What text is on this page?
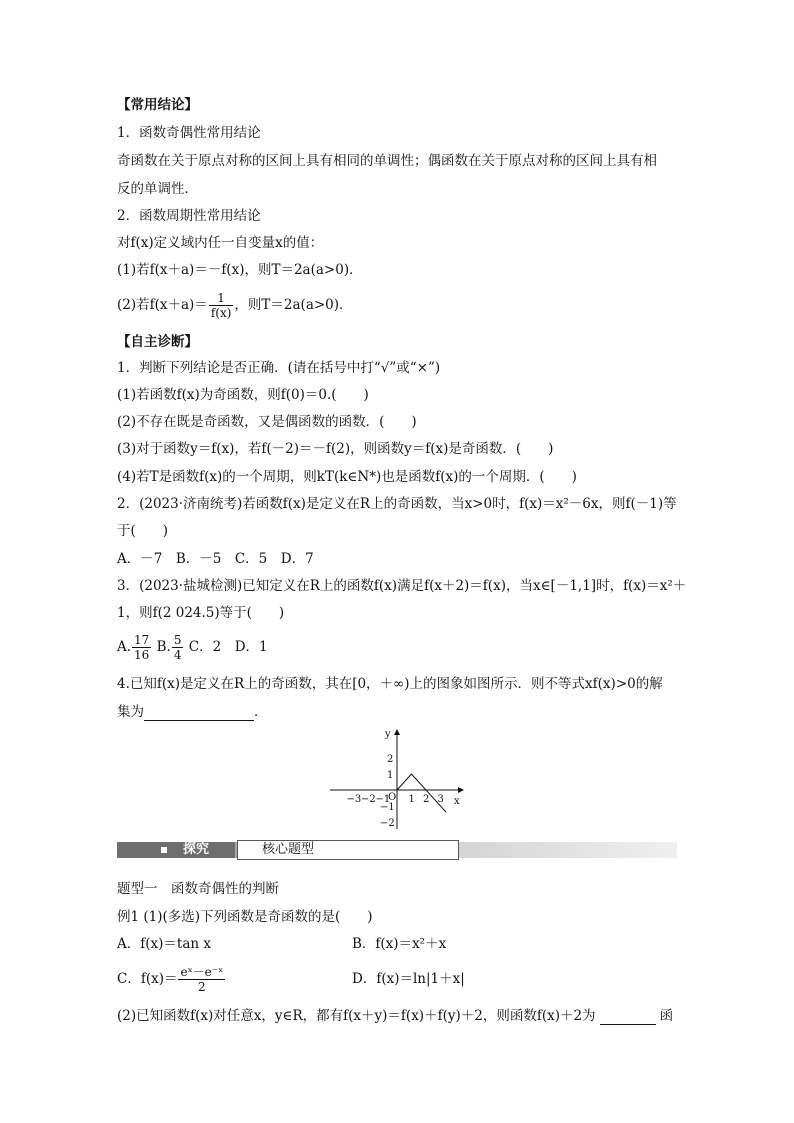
【常用结论】
1．函数奇偶性常用结论
奇函数在关于原点对称的区间上具有相同的单调性；偶函数在关于原点对称的区间上具有相
反的单调性．
2．函数周期性常用结论
对f(x)定义域内任一自变量x的值：
(1)若f(x＋a)＝－f(x)，则T＝2a(a>0)．
(2)若$f(x+a)= \frac{1}{f(x)}$ ，则T＝2a(a>0)．
【自主诊断】
1．判断下列结论是否正确．(请在括号中打“√”或“×”)
(1)若函数f(x)为奇函数，则f(0)＝0.(　　)
(2)不存在既是奇函数，又是偶函数的函数．(　　)
(3)对于函数y＝f(x)，若f(－2)＝－f(2)，则函数y＝f(x)是奇函数．(　　)
(4)若T是函数f(x)的一个周期，则kT(k∈N*)也是函数f(x)的一个周期．(　　)
2．(2023·济南统考)若函数f(x)是定义在R上的奇函数，当x>0时，f(x)＝x²－6x，则f(－1)等
于(　　)
A．－7　B．－5　C．5　D．7
3．(2023·盐城检测)已知定义在R上的函数f(x)满足f(x＋2)＝f(x)，当x∈[－1,1]时，f(x)＝x²＋
1，则f(2 024.5)等于(　　)
A. $\frac{17}{16} B$. $\frac{5}{4}$ C．2　D．1
4.已知f(x)是定义在R上的奇函数，其在[0，＋∞)上的图象如图所示．则不等式xf(x)>0的解
集为	．
y
x
O
−3 −2 −1 1 2 3
2
1
−1
−2
探究	核心题型
题型一　函数奇偶性的判断
例1 (1)(多选)下列函数是奇函数的是(　　)
A．f(x)＝tan x	B．f(x)＝x²＋x
C．$f(x)= \frac{\text{eˣ－e⁻ˣ}}{2}$	D．f(x)＝ln|1＋x|
(2)已知函数f(x)对任意x，y∈R，都有f(x＋y)＝f(x)＋f(y)＋2，则函数f(x)＋2为	函
